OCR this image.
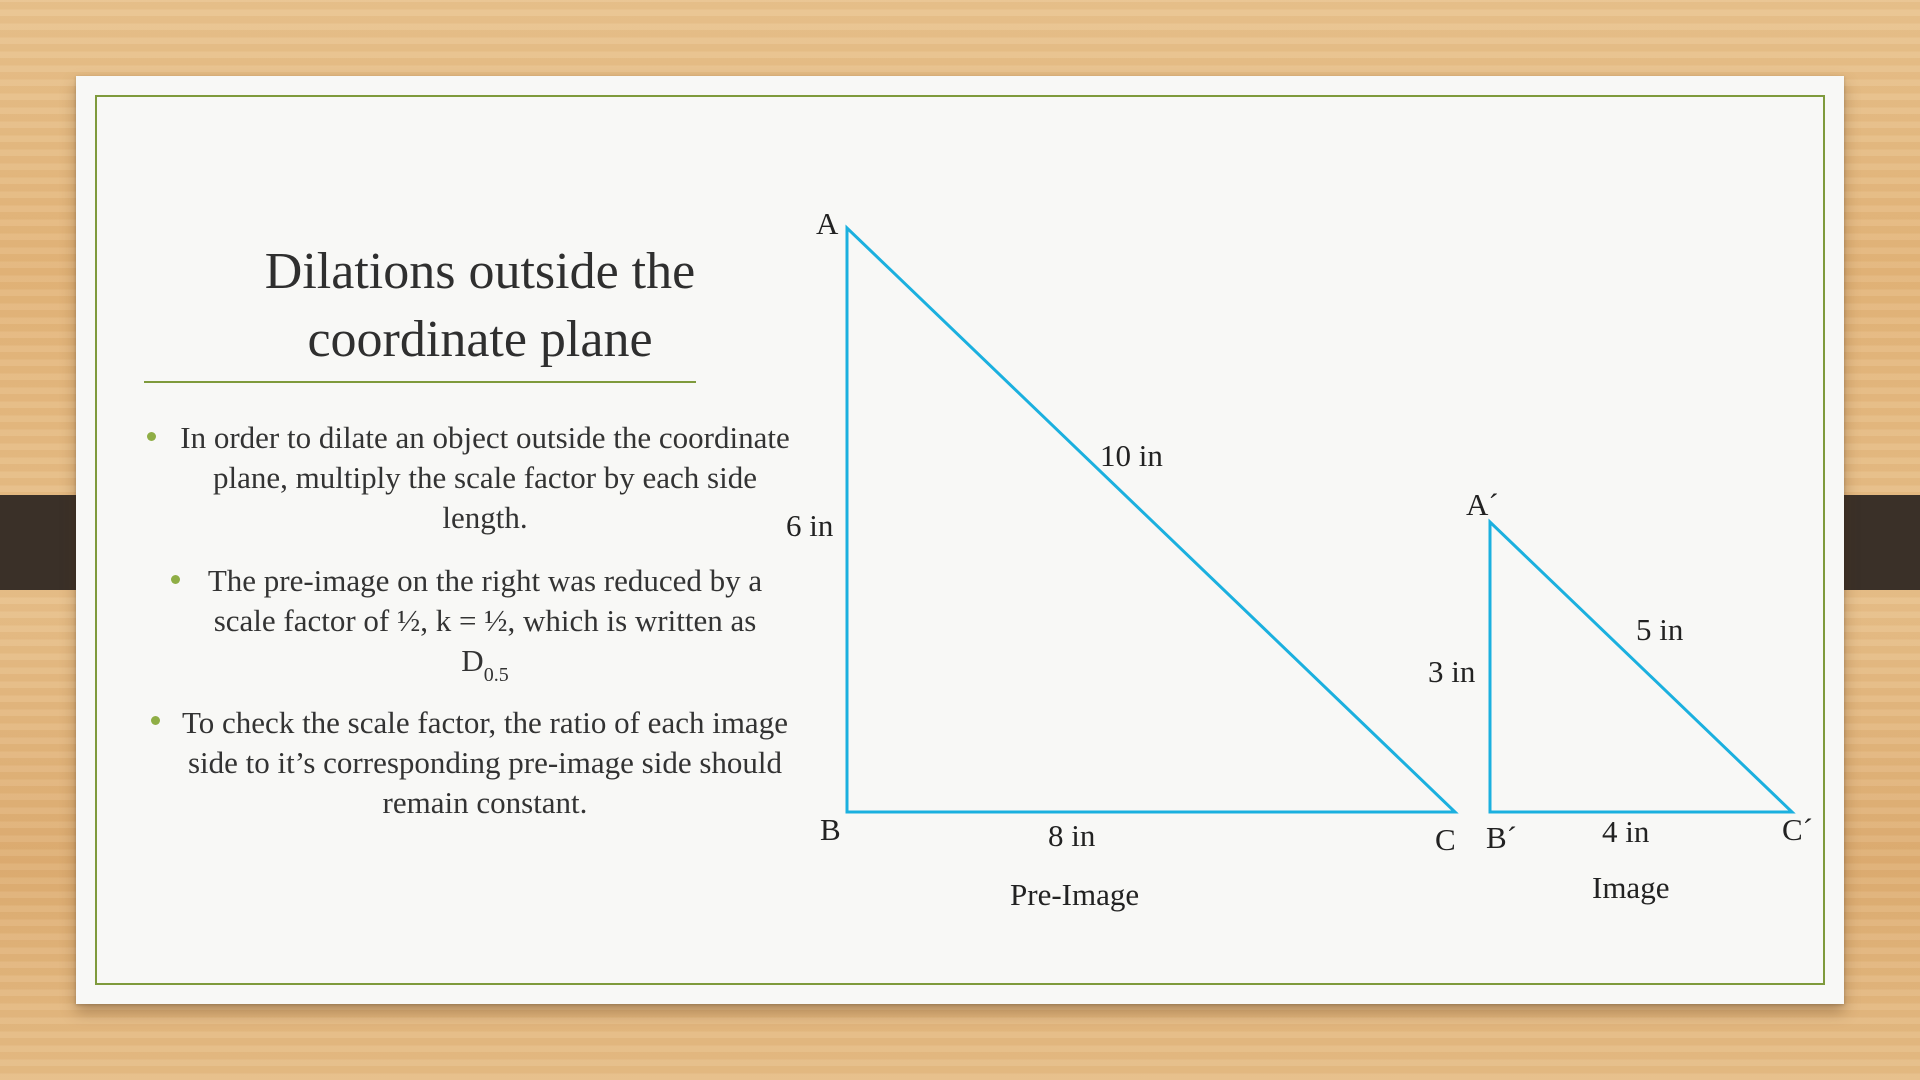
Dilations outside the coordinate plane
In order to dilate an object outside the coordinate plane, multiply the scale factor by each side length.
The pre-image on the right was reduced by a scale factor of ½, k = ½, which is written as $D_{0.5}$
To check the scale factor, the ratio of each image side to it’s corresponding pre-image side should remain constant.
A
B	C
6 in
8 in
10 in
Pre-Image
A´
B´	C´
3 in
4 in
5 in
Image
